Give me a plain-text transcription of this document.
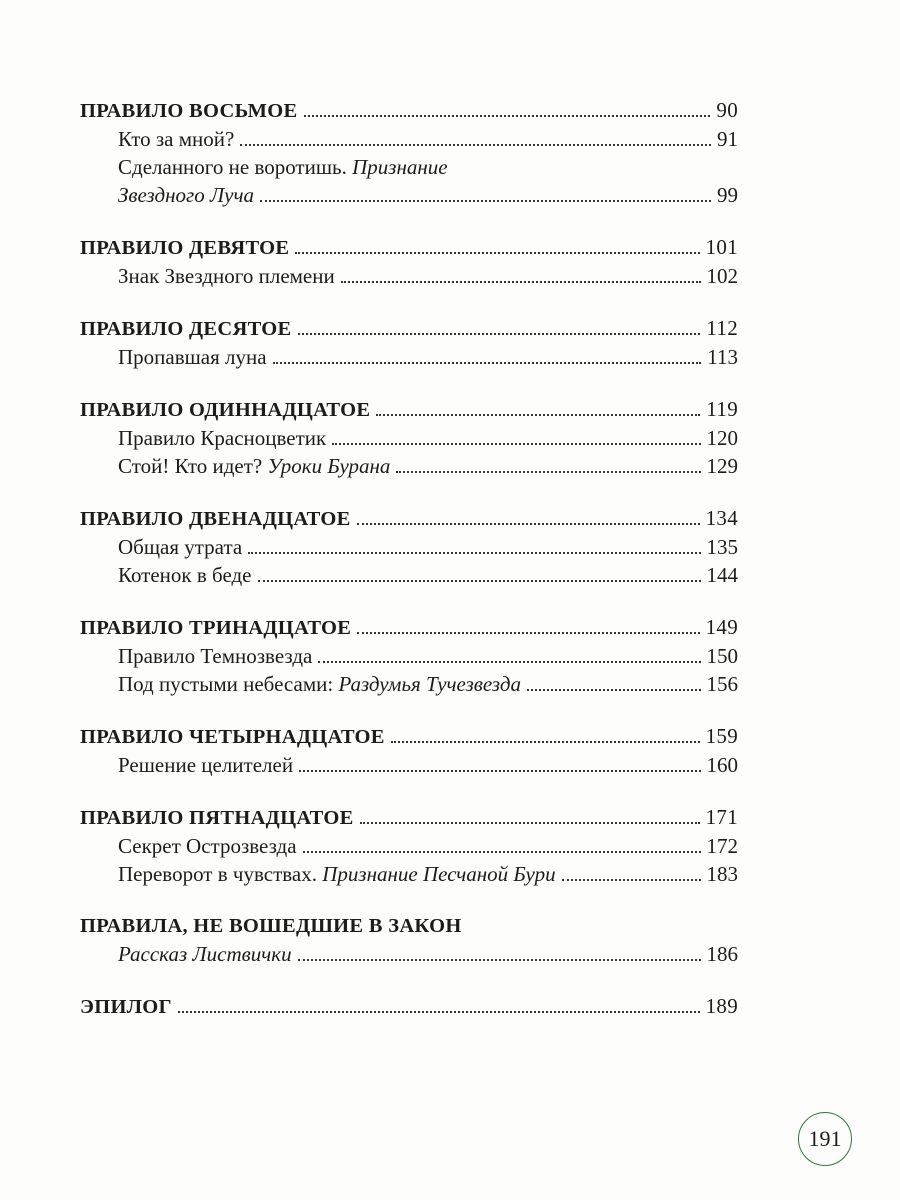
ПРАВИЛО ВОСЬМОЕ	90
Кто за мной?	91
Сделанного не воротишь. Признание
Звездного Луча	99
ПРАВИЛО ДЕВЯТОЕ	101
Знак Звездного племени	102
ПРАВИЛО ДЕСЯТОЕ	112
Пропавшая луна	113
ПРАВИЛО ОДИННАДЦАТОЕ	119
Правило Красноцветик	120
Стой! Кто идет? Уроки Бурана	129
ПРАВИЛО ДВЕНАДЦАТОЕ	134
Общая утрата	135
Котенок в беде	144
ПРАВИЛО ТРИНАДЦАТОЕ	149
Правило Темнозвезда	150
Под пустыми небесами: Раздумья Тучезвезда	156
ПРАВИЛО ЧЕТЫРНАДЦАТОЕ	159
Решение целителей	160
ПРАВИЛО ПЯТНАДЦАТОЕ	171
Секрет Острозвезда	172
Переворот в чувствах. Признание Песчаной Бури	183
ПРАВИЛА, НЕ ВОШЕДШИЕ В ЗАКОН
Рассказ Листвички	186
ЭПИЛОГ	189
191
